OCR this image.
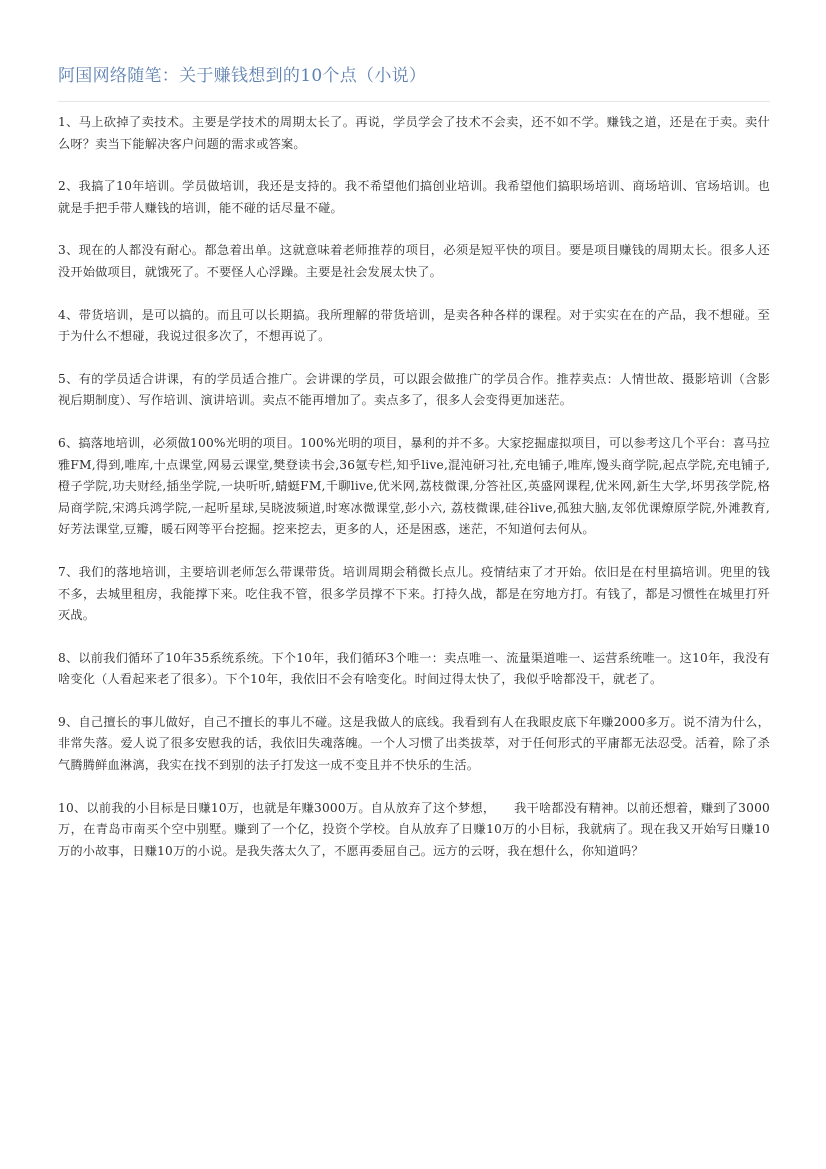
阿国网络随笔：关于赚钱想到的10个点（小说）

1、马上砍掉了卖技术。主要是学技术的周期太长了。再说，学员学会了技术不会卖，还不如不学。赚钱之道，还是在于卖。卖什么呀？卖当下能解决客户问题的需求或答案。

2、我搞了10年培训。学员做培训，我还是支持的。我不希望他们搞创业培训。我希望他们搞职场培训、商场培训、官场培训。也就是手把手带人赚钱的培训，能不碰的话尽量不碰。

3、现在的人都没有耐心。都急着出单。这就意味着老师推荐的项目，必须是短平快的项目。要是项目赚钱的周期太长。很多人还没开始做项目，就饿死了。不要怪人心浮躁。主要是社会发展太快了。

4、带货培训，是可以搞的。而且可以长期搞。我所理解的带货培训，是卖各种各样的课程。对于实实在在的产品，我不想碰。至于为什么不想碰，我说过很多次了，不想再说了。

5、有的学员适合讲课，有的学员适合推广。会讲课的学员，可以跟会做推广的学员合作。推荐卖点：人情世故、摄影培训（含影视后期制度）、写作培训、演讲培训。卖点不能再增加了。卖点多了，很多人会变得更加迷茫。

6、搞落地培训，必须做100%光明的项目。100%光明的项目，暴利的并不多。大家挖掘虚拟项目，可以参考这几个平台：喜马拉雅FM,得到,唯库,十点课堂,网易云课堂,樊登读书会,36氪专栏,知乎live,混沌研习社,充电铺子,唯库,馒头商学院,起点学院,充电铺子,橙子学院,功夫财经,插坐学院,一块听听,蜻蜓FM,千聊live,优米网,荔枝微课,分答社区,英盛网课程,优米网,新生大学,坏男孩学院,格局商学院,宋鸿兵鸿学院,一起听星球,吴晓波频道,时寒冰微课堂,彭小六, 荔枝微课,硅谷live,孤独大脑,友邻优课燎原学院,外滩教育,好芳法课堂,豆瓣，暖石网等平台挖掘。挖来挖去，更多的人，还是困惑，迷茫，不知道何去何从。

7、我们的落地培训，主要培训老师怎么带课带货。培训周期会稍微长点儿。疫情结束了才开始。依旧是在村里搞培训。兜里的钱不多，去城里租房，我能撑下来。吃住我不管，很多学员撑不下来。打持久战，都是在穷地方打。有钱了，都是习惯性在城里打歼灭战。

8、以前我们循环了10年35系统系统。下个10年，我们循环3个唯一：卖点唯一、流量渠道唯一、运营系统唯一。这10年，我没有啥变化（人看起来老了很多）。下个10年，我依旧不会有啥变化。时间过得太快了，我似乎啥都没干，就老了。

9、自己擅长的事儿做好，自己不擅长的事儿不碰。这是我做人的底线。我看到有人在我眼皮底下年赚2000多万。说不清为什么，非常失落。爱人说了很多安慰我的话，我依旧失魂落魄。一个人习惯了出类拔萃，对于任何形式的平庸都无法忍受。活着，除了杀气腾腾鲜血淋漓，我实在找不到别的法子打发这一成不变且并不快乐的生活。

10、以前我的小目标是日赚10万，也就是年赚3000万。自从放弃了这个梦想，　　我干啥都没有精神。以前还想着，赚到了3000万，在青岛市南买个空中别墅。赚到了一个亿，投资个学校。自从放弃了日赚10万的小目标，我就病了。现在我又开始写日赚10万的小故事，日赚10万的小说。是我失落太久了，不愿再委屈自己。远方的云呀，我在想什么，你知道吗？
